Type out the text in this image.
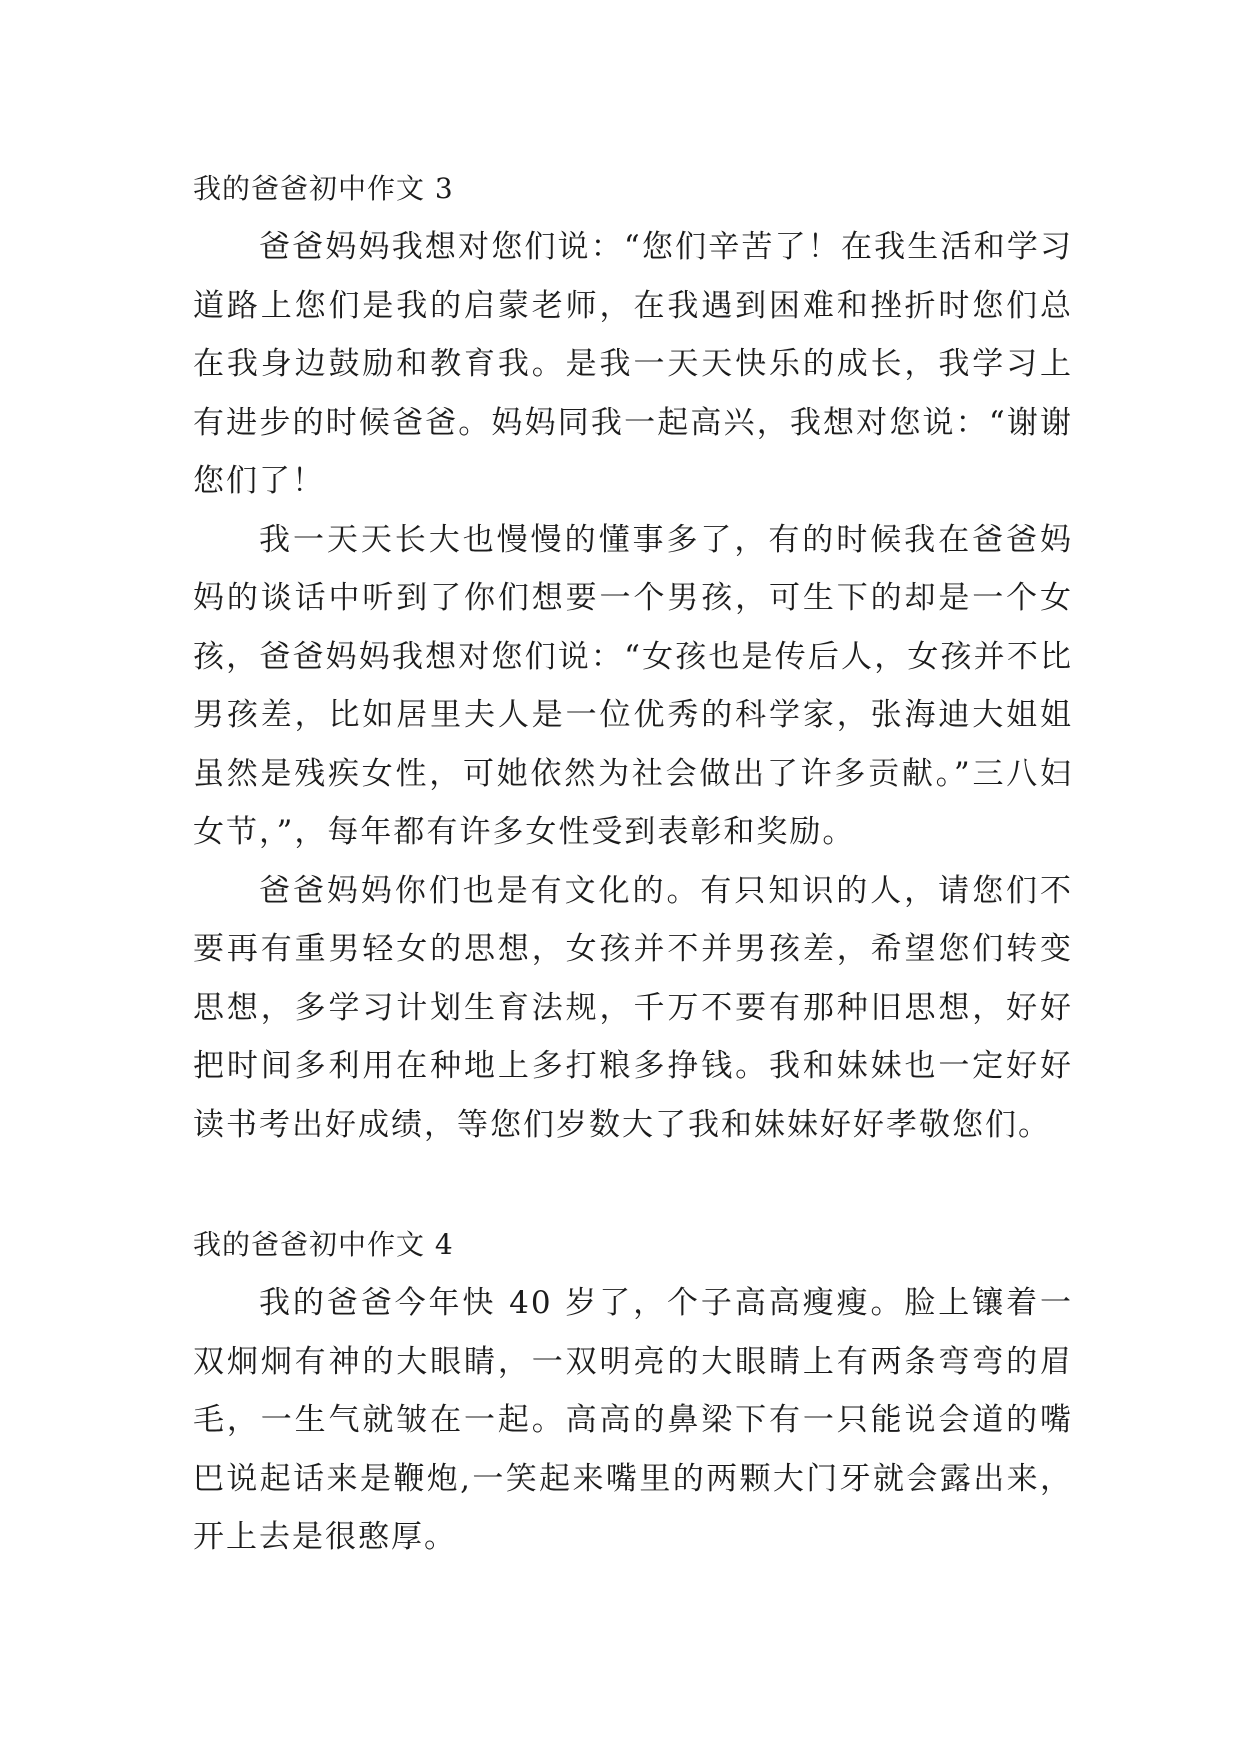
我的爸爸初中作文 3

爸爸妈妈我想对您们说：“您们辛苦了！在我生活和学习道路上您们是我的启蒙老师，在我遇到困难和挫折时您们总在我身边鼓励和教育我。是我一天天快乐的成长，我学习上有进步的时候爸爸。妈妈同我一起高兴，我想对您说：“谢谢您们了！

我一天天长大也慢慢的懂事多了，有的时候我在爸爸妈妈的谈话中听到了你们想要一个男孩，可生下的却是一个女孩，爸爸妈妈我想对您们说：“女孩也是传后人，女孩并不比男孩差，比如居里夫人是一位优秀的科学家，张海迪大姐姐虽然是残疾女性，可她依然为社会做出了许多贡献。”三八妇女节，”，每年都有许多女性受到表彰和奖励。

爸爸妈妈你们也是有文化的。有只知识的人，请您们不要再有重男轻女的思想，女孩并不并男孩差，希望您们转变思想，多学习计划生育法规，千万不要有那种旧思想，好好把时间多利用在种地上多打粮多挣钱。我和妹妹也一定好好读书考出好成绩，等您们岁数大了我和妹妹好好孝敬您们。

我的爸爸初中作文 4

我的爸爸今年快 40 岁了，个子高高瘦瘦。脸上镶着一双炯炯有神的大眼睛，一双明亮的大眼睛上有两条弯弯的眉毛，一生气就皱在一起。高高的鼻梁下有一只能说会道的嘴巴说起话来是鞭炮,一笑起来嘴里的两颗大门牙就会露出来，开上去是很憨厚。
